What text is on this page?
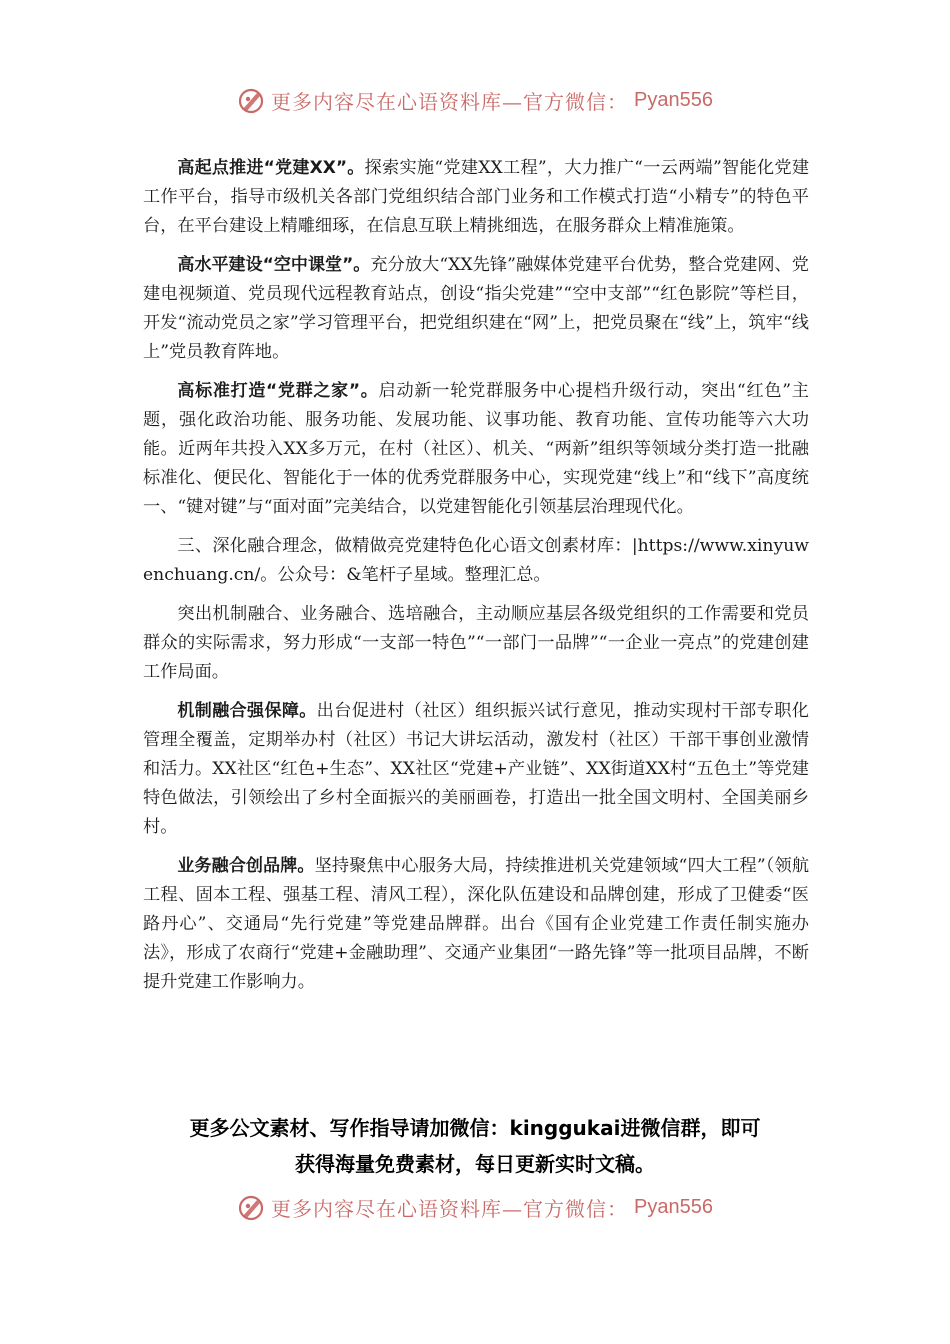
更多内容尽在心语资料库—官方微信： Pyan556

高起点推进“党建XX”。探索实施“党建XX工程”，大力推广“一云两端”智能化党建工作平台，指导市级机关各部门党组织结合部门业务和工作模式打造“小精专”的特色平台，在平台建设上精雕细琢，在信息互联上精挑细选，在服务群众上精准施策。

高水平建设“空中课堂”。充分放大“XX先锋”融媒体党建平台优势，整合党建网、党建电视频道、党员现代远程教育站点，创设“指尖党建”“空中支部”“红色影院”等栏目，开发“流动党员之家”学习管理平台，把党组织建在“网”上，把党员聚在“线”上，筑牢“线上”党员教育阵地。

高标准打造“党群之家”。启动新一轮党群服务中心提档升级行动，突出“红色”主题，强化政治功能、服务功能、发展功能、议事功能、教育功能、宣传功能等六大功能。近两年共投入XX多万元，在村（社区）、机关、“两新”组织等领域分类打造一批融标准化、便民化、智能化于一体的优秀党群服务中心，实现党建“线上”和“线下”高度统一、“键对键”与“面对面”完美结合，以党建智能化引领基层治理现代化。

三、深化融合理念，做精做亮党建特色化心语文创素材库：|https://www.xinyuwenchuang.cn/。公众号：&笔杆子星域。整理汇总。

突出机制融合、业务融合、选培融合，主动顺应基层各级党组织的工作需要和党员群众的实际需求，努力形成“一支部一特色”“一部门一品牌”“一企业一亮点”的党建创建工作局面。

机制融合强保障。出台促进村（社区）组织振兴试行意见，推动实现村干部专职化管理全覆盖，定期举办村（社区）书记大讲坛活动，激发村（社区）干部干事创业激情和活力。XX社区“红色+生态”、XX社区“党建+产业链”、XX街道XX村“五色土”等党建特色做法，引领绘出了乡村全面振兴的美丽画卷，打造出一批全国文明村、全国美丽乡村。

业务融合创品牌。坚持聚焦中心服务大局，持续推进机关党建领域“四大工程”（领航工程、固本工程、强基工程、清风工程），深化队伍建设和品牌创建，形成了卫健委“医路丹心”、交通局“先行党建”等党建品牌群。出台《国有企业党建工作责任制实施办法》，形成了农商行“党建+金融助理”、交通产业集团“一路先锋”等一批项目品牌，不断提升党建工作影响力。

更多公文素材、写作指导请加微信：kinggukai进微信群，即可
获得海量免费素材，每日更新实时文稿。
更多内容尽在心语资料库—官方微信： Pyan556
